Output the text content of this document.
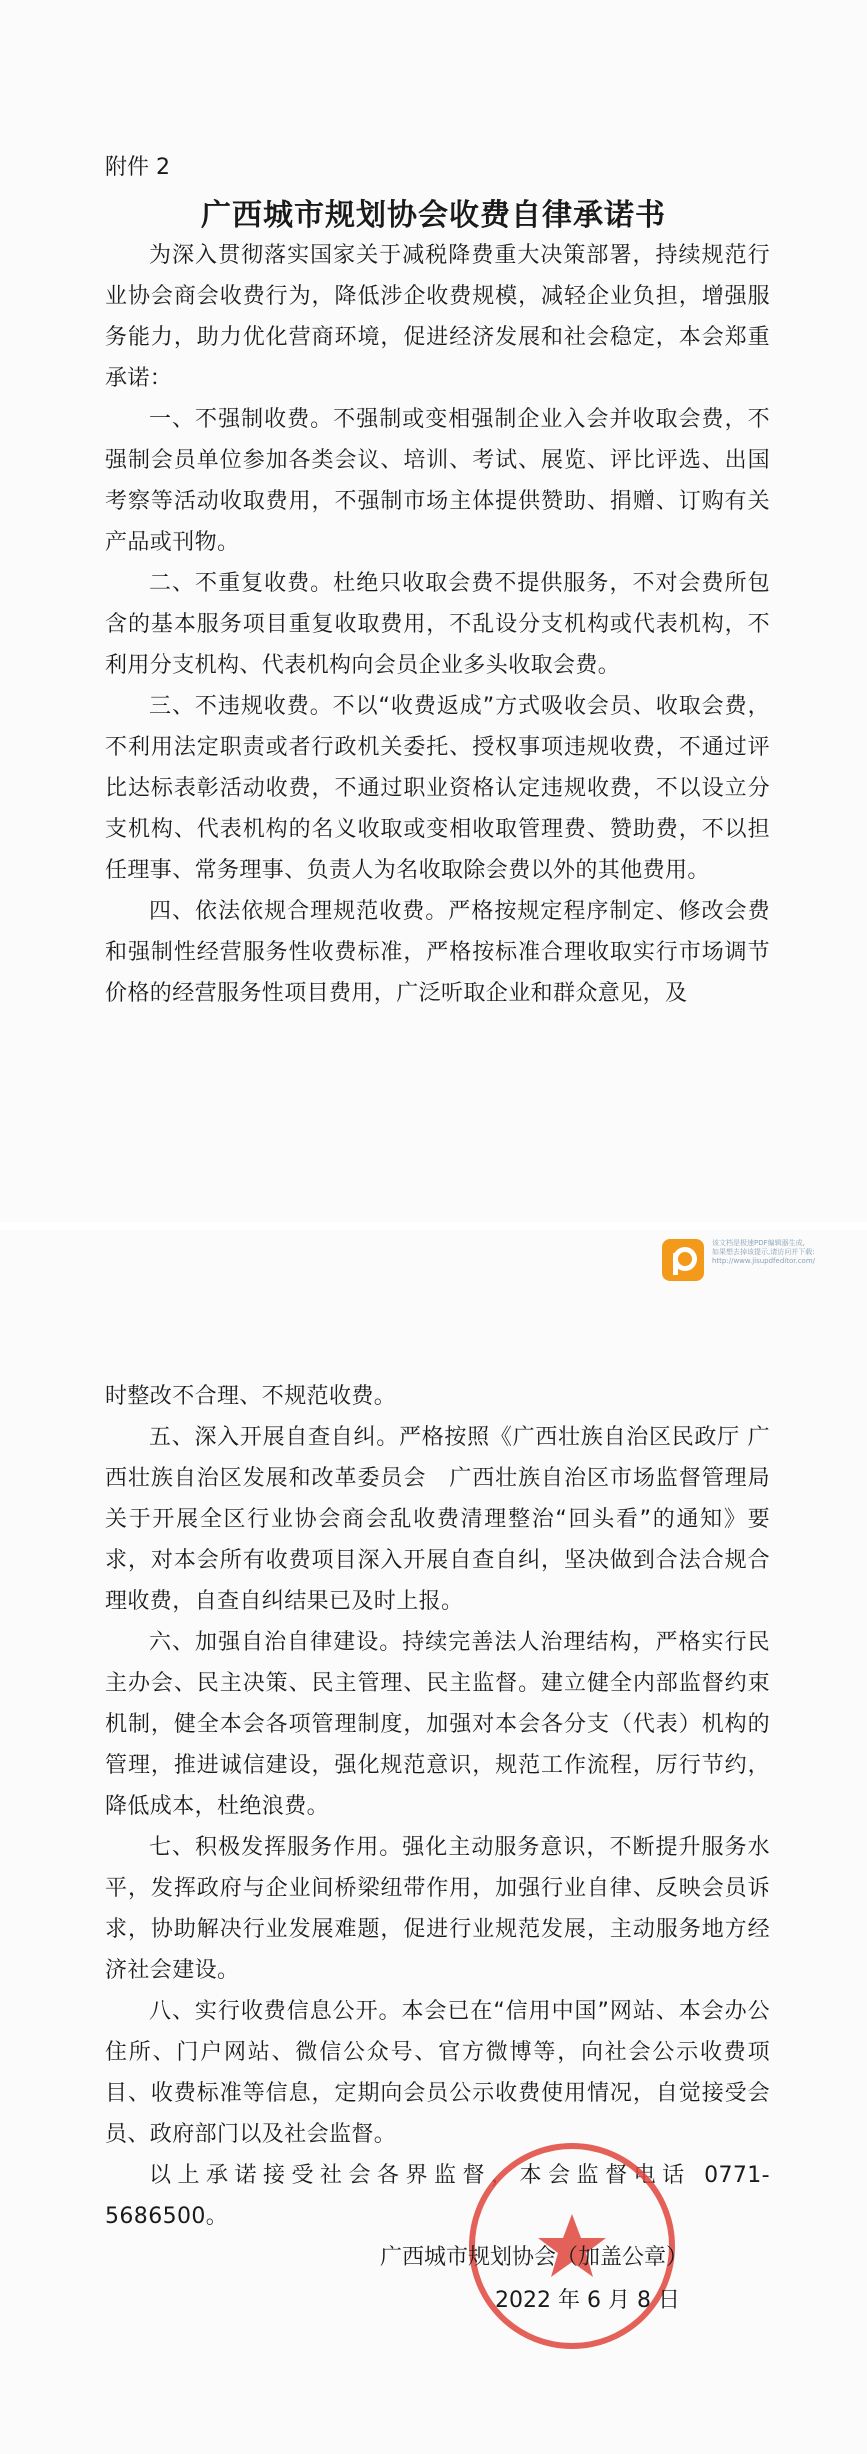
附件 2
广西城市规划协会收费自律承诺书

为深入贯彻落实国家关于减税降费重大决策部署，持续规范行业协会商会收费行为，降低涉企收费规模，减轻企业负担，增强服务能力，助力优化营商环境，促进经济发展和社会稳定，本会郑重承诺：

一、不强制收费。不强制或变相强制企业入会并收取会费，不强制会员单位参加各类会议、培训、考试、展览、评比评选、出国考察等活动收取费用，不强制市场主体提供赞助、捐赠、订购有关产品或刊物。

二、不重复收费。杜绝只收取会费不提供服务，不对会费所包含的基本服务项目重复收取费用，不乱设分支机构或代表机构，不利用分支机构、代表机构向会员企业多头收取会费。

三、不违规收费。不以“收费返成”方式吸收会员、收取会费，不利用法定职责或者行政机关委托、授权事项违规收费，不通过评比达标表彰活动收费，不通过职业资格认定违规收费，不以设立分支机构、代表机构的名义收取或变相收取管理费、赞助费，不以担任理事、常务理事、负责人为名收取除会费以外的其他费用。

四、依法依规合理规范收费。严格按规定程序制定、修改会费和强制性经营服务性收费标准，严格按标准合理收取实行市场调节价格的经营服务性项目费用，广泛听取企业和群众意见，及

该文档是极速PDF编辑器生成,
如果想去掉该提示,请访问并下载:
http://www.jisupdfeditor.com/

时整改不合理、不规范收费。

五、深入开展自查自纠。严格按照《广西壮族自治区民政厅 广西壮族自治区发展和改革委员会　广西壮族自治区市场监督管理局关于开展全区行业协会商会乱收费清理整治“回头看”的通知》要求，对本会所有收费项目深入开展自查自纠，坚决做到合法合规合理收费，自查自纠结果已及时上报。

六、加强自治自律建设。持续完善法人治理结构，严格实行民主办会、民主决策、民主管理、民主监督。建立健全内部监督约束机制，健全本会各项管理制度，加强对本会各分支（代表）机构的管理，推进诚信建设，强化规范意识，规范工作流程，厉行节约，降低成本，杜绝浪费。

七、积极发挥服务作用。强化主动服务意识，不断提升服务水平，发挥政府与企业间桥梁纽带作用，加强行业自律、反映会员诉求，协助解决行业发展难题，促进行业规范发展，主动服务地方经济社会建设。

八、实行收费信息公开。本会已在“信用中国”网站、本会办公住所、门户网站、微信公众号、官方微博等，向社会公示收费项目、收费标准等信息，定期向会员公示收费使用情况，自觉接受会员、政府部门以及社会监督。

以上承诺接受社会各界监督，本会监督电话 0771-5686500。

广西城市规划协会（加盖公章）
2022 年 6 月 8 日
